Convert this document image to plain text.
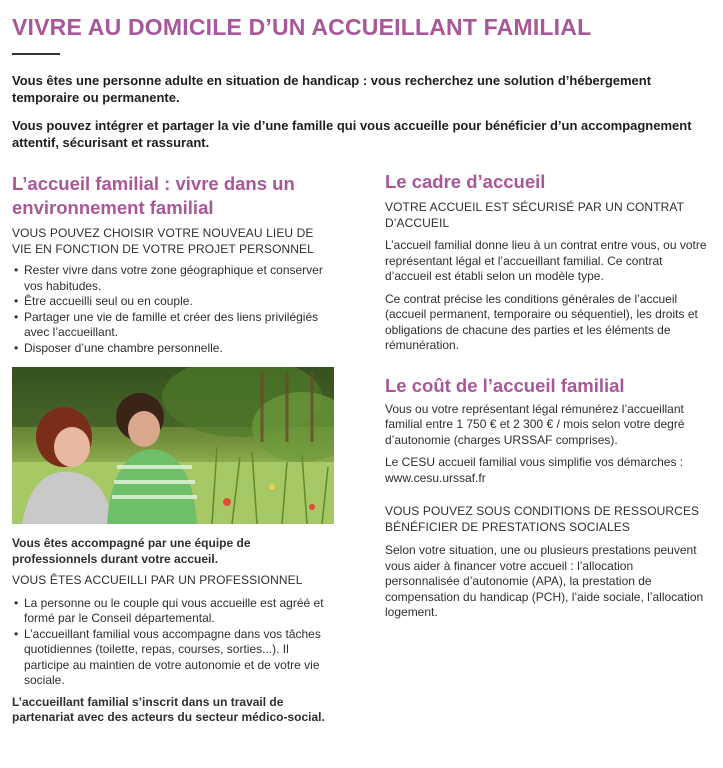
VIVRE AU DOMICILE D’UN ACCUEILLANT FAMILIAL

Vous êtes une personne adulte en situation de handicap : vous recherchez une solution d’hébergement temporaire ou permanente.

Vous pouvez intégrer et partager la vie d’une famille qui vous accueille pour bénéficier d’un accompagnement attentif, sécurisant et rassurant.

L’accueil familial : vivre dans un environnement familial

VOUS POUVEZ CHOISIR VOTRE NOUVEAU LIEU DE VIE EN FONCTION DE VOTRE PROJET PERSONNEL

• Rester vivre dans votre zone géographique et conserver vos habitudes.
• Être accueilli seul ou en couple.
• Partager une vie de famille et créer des liens privilégiés avec l’accueillant.
• Disposer d’une chambre personnelle.

Vous êtes accompagné par une équipe de professionnels durant votre accueil.

VOUS ÊTES ACCUEILLI PAR UN PROFESSIONNEL

• La personne ou le couple qui vous accueille est agréé et formé par le Conseil départemental.
• L’accueillant familial vous accompagne dans vos tâches quotidiennes (toilette, repas, courses, sorties...). Il participe au maintien de votre autonomie et de votre vie sociale.

L’accueillant familial s’inscrit dans un travail de partenariat avec des acteurs du secteur médico-social.

Le cadre d’accueil

VOTRE ACCUEIL EST SÉCURISÉ PAR UN CONTRAT D’ACCUEIL

L’accueil familial donne lieu à un contrat entre vous, ou votre représentant légal et l’accueillant familial. Ce contrat d’accueil est établi selon un modèle type.

Ce contrat précise les conditions générales de l’accueil (accueil permanent, temporaire ou séquentiel), les droits et obligations de chacune des parties et les éléments de rémunération.

Le coût de l’accueil familial

Vous ou votre représentant légal rémunérez l’accueillant familial entre 1 750 € et 2 300 € / mois selon votre degré d’autonomie (charges URSSAF comprises).

Le CESU accueil familial vous simplifie vos démarches :

www.cesu.urssaf.fr

VOUS POUVEZ SOUS CONDITIONS DE RESSOURCES BÉNÉFICIER DE PRESTATIONS SOCIALES

Selon votre situation, une ou plusieurs prestations peuvent vous aider à financer votre accueil : l’allocation personnalisée d’autonomie (APA), la prestation de compensation du handicap (PCH), l’aide sociale, l’allocation logement.
